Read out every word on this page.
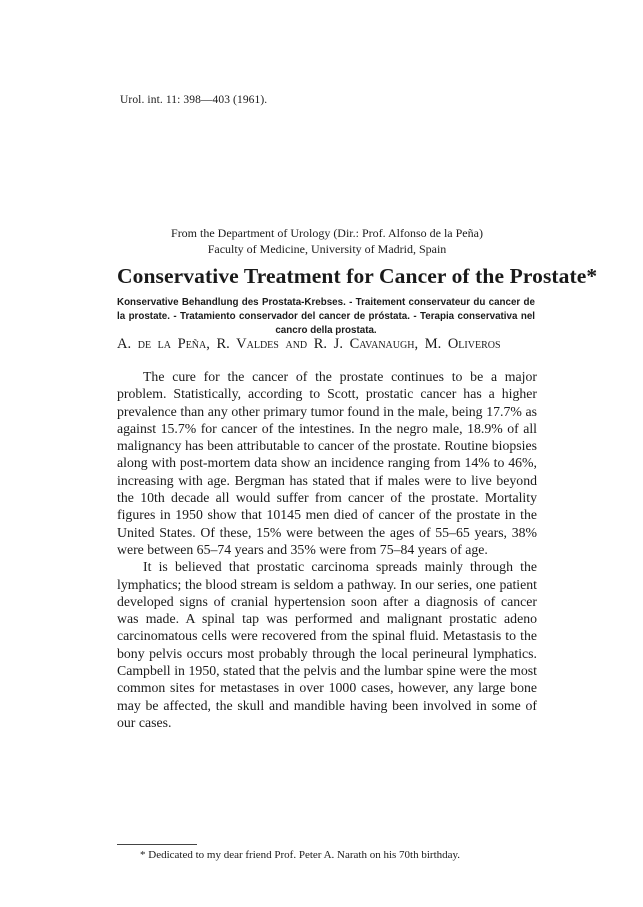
Urol. int. 11: 398—403 (1961).
From the Department of Urology (Dir.: Prof. Alfonso de la Peña)
Faculty of Medicine, University of Madrid, Spain
Conservative Treatment for Cancer of the Prostate*
Konservative Behandlung des Prostata-Krebses. - Traitement conservateur du cancer de la prostate. - Tratamiento conservador del cancer de próstata. - Terapia conservativa nel cancro della prostata.
A. de la Peña, R. Valdes and R. J. Cavanaugh, M. Oliveros

The cure for the cancer of the prostate continues to be a major problem. Statistically, according to Scott, prostatic cancer has a higher prevalence than any other primary tumor found in the male, being 17.7% as against 15.7% for cancer of the intestines. In the negro male, 18.9% of all malignancy has been attributable to cancer of the prostate. Routine biopsies along with post-mortem data show an incidence ranging from 14% to 46%, increasing with age. Bergman has stated that if males were to live beyond the 10th decade all would suffer from cancer of the prostate. Mortality figures in 1950 show that 10145 men died of cancer of the prostate in the United States. Of these, 15% were between the ages of 55–65 years, 38% were between 65–74 years and 35% were from 75–84 years of age.

It is believed that prostatic carcinoma spreads mainly through the lymphatics; the blood stream is seldom a pathway. In our series, one patient developed signs of cranial hypertension soon after a diagnosis of cancer was made. A spinal tap was performed and malignant prostatic adeno carcinomatous cells were recovered from the spinal fluid. Metastasis to the bony pelvis occurs most probably through the local perineural lymphatics. Campbell in 1950, stated that the pelvis and the lumbar spine were the most common sites for metastases in over 1000 cases, however, any large bone may be affected, the skull and mandible having been involved in some of our cases.

* Dedicated to my dear friend Prof. Peter A. Narath on his 70th birthday.
